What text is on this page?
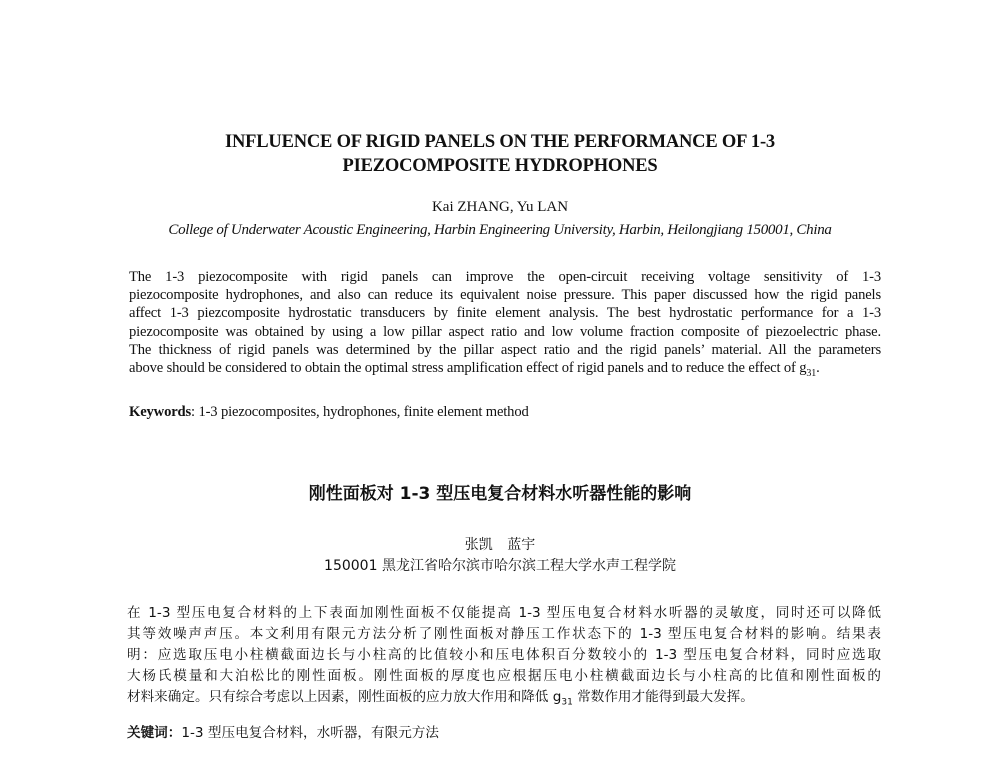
INFLUENCE OF RIGID PANELS ON THE PERFORMANCE OF 1-3
PIEZOCOMPOSITE HYDROPHONES
Kai ZHANG, Yu LAN
College of Underwater Acoustic Engineering, Harbin Engineering University, Harbin, Heilongjiang 150001, China
The 1-3 piezocomposite with rigid panels can improve the open-circuit receiving voltage sensitivity of 1-3
piezocomposite hydrophones, and also can reduce its equivalent noise pressure. This paper discussed how the rigid panels
affect 1-3 piezcomposite hydrostatic transducers by finite element analysis. The best hydrostatic performance for a 1-3
piezocomposite was obtained by using a low pillar aspect ratio and low volume fraction composite of piezoelectric phase.
The thickness of rigid panels was determined by the pillar aspect ratio and the rigid panels’ material. All the parameters
above should be considered to obtain the optimal stress amplification effect of rigid panels and to reduce the effect of $g_{31}$.
Keywords: 1-3 piezocomposites, hydrophones, finite element method
刚性面板对 1-3 型压电复合材料水听器性能的影响
张凯 蓝宇
150001 黑龙江省哈尔滨市哈尔滨工程大学水声工程学院
在 1-3 型压电复合材料的上下表面加刚性面板不仅能提高 1-3 型压电复合材料水听器的灵敏度，同时还可以降低
其等效噪声声压。本文利用有限元方法分析了刚性面板对静压工作状态下的 1-3 型压电复合材料的影响。结果表
明：应选取压电小柱横截面边长与小柱高的比值较小和压电体积百分数较小的 1-3 型压电复合材料，同时应选取
大杨氏模量和大泊松比的刚性面板。刚性面板的厚度也应根据压电小柱横截面边长与小柱高的比值和刚性面板的
材料来确定。只有综合考虑以上因素，刚性面板的应力放大作用和降低 $g_{31}$ 常数作用才能得到最大发挥。
关键词：1-3 型压电复合材料，水听器，有限元方法
